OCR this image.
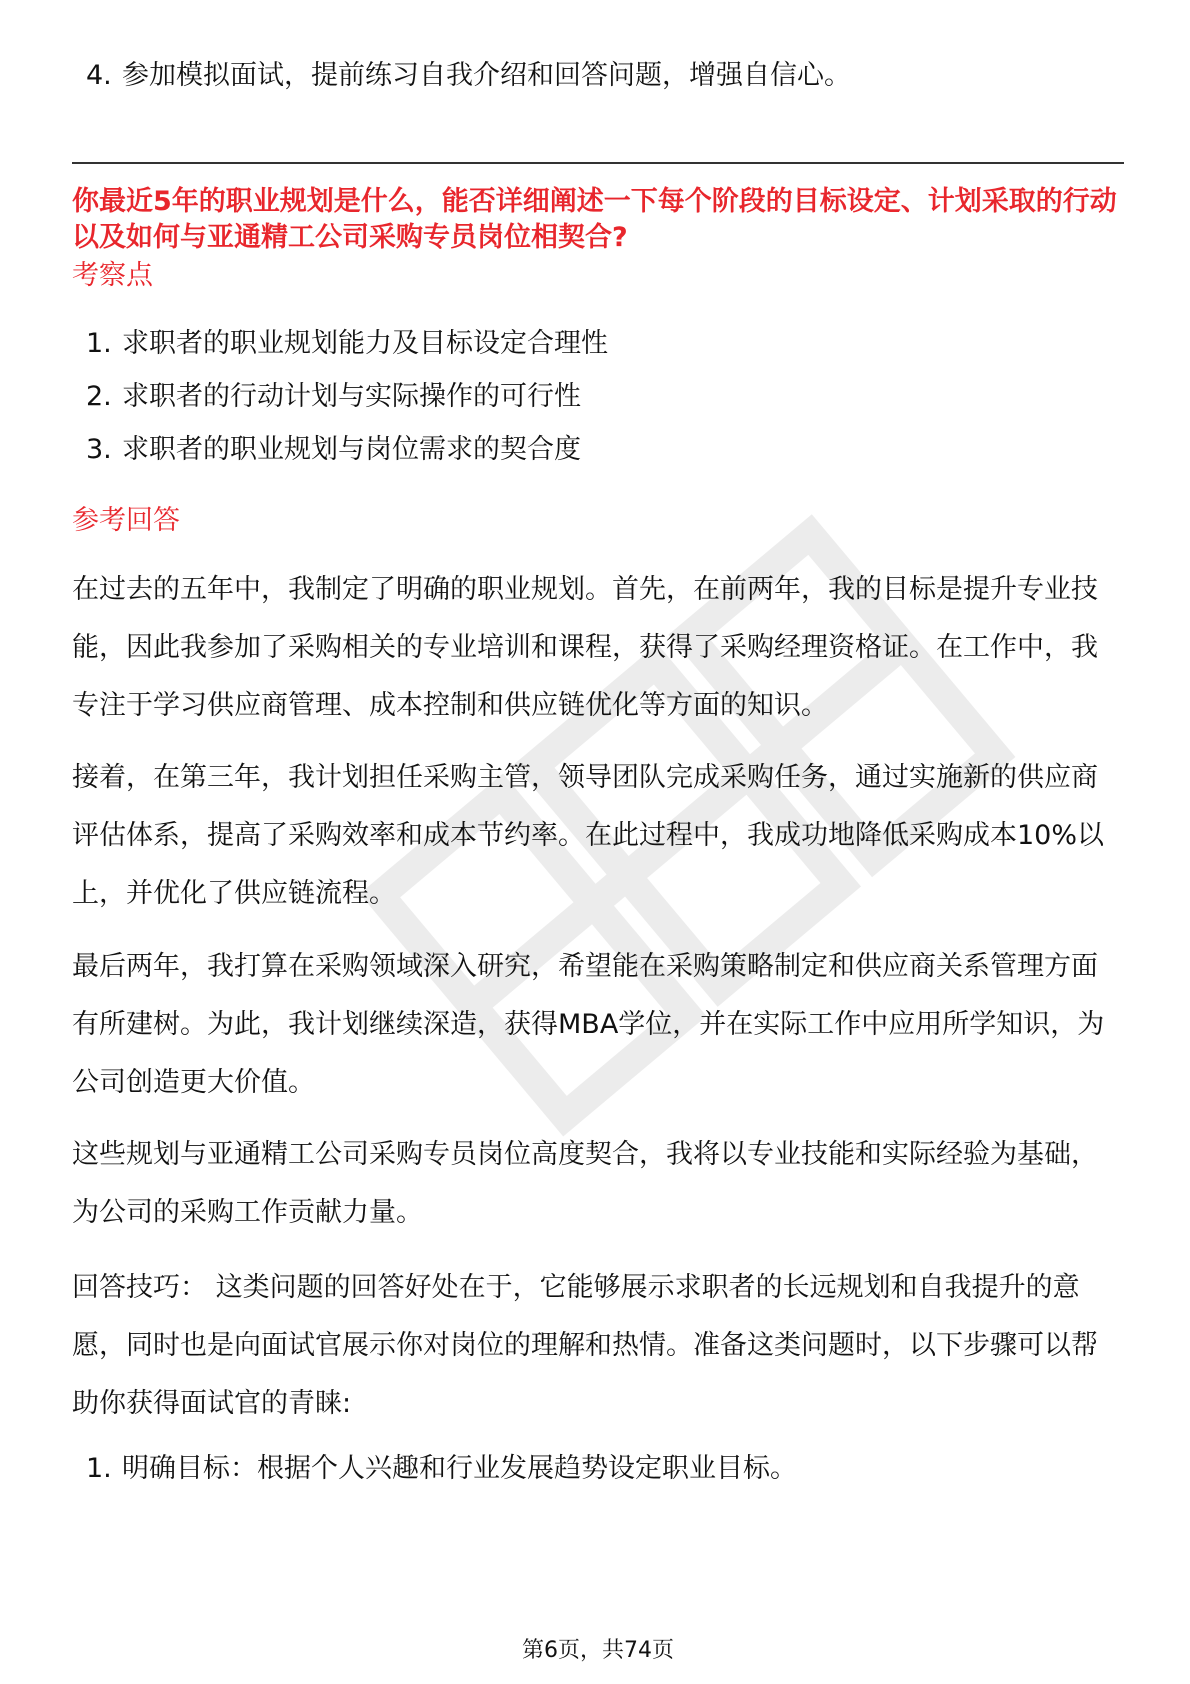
4. 参加模拟面试，提前练习自我介绍和回答问题，增强自信心。
你最近5年的职业规划是什么，能否详细阐述一下每个阶段的目标设定、计划采取的行动以及如何与亚通精工公司采购专员岗位相契合?
考察点
1. 求职者的职业规划能力及目标设定合理性
2. 求职者的行动计划与实际操作的可行性
3. 求职者的职业规划与岗位需求的契合度
参考回答
在过去的五年中，我制定了明确的职业规划。首先，在前两年，我的目标是提升专业技能，因此我参加了采购相关的专业培训和课程，获得了采购经理资格证。在工作中，我专注于学习供应商管理、成本控制和供应链优化等方面的知识。
接着，在第三年，我计划担任采购主管，领导团队完成采购任务，通过实施新的供应商评估体系，提高了采购效率和成本节约率。在此过程中，我成功地降低采购成本10%以上，并优化了供应链流程。
最后两年，我打算在采购领域深入研究，希望能在采购策略制定和供应商关系管理方面有所建树。为此，我计划继续深造，获得MBA学位，并在实际工作中应用所学知识，为公司创造更大价值。
这些规划与亚通精工公司采购专员岗位高度契合，我将以专业技能和实际经验为基础，为公司的采购工作贡献力量。
回答技巧： 这类问题的回答好处在于，它能够展示求职者的长远规划和自我提升的意愿，同时也是向面试官展示你对岗位的理解和热情。准备这类问题时，以下步骤可以帮助你获得面试官的青睐:
1. 明确目标：根据个人兴趣和行业发展趋势设定职业目标。
第6页，共74页
